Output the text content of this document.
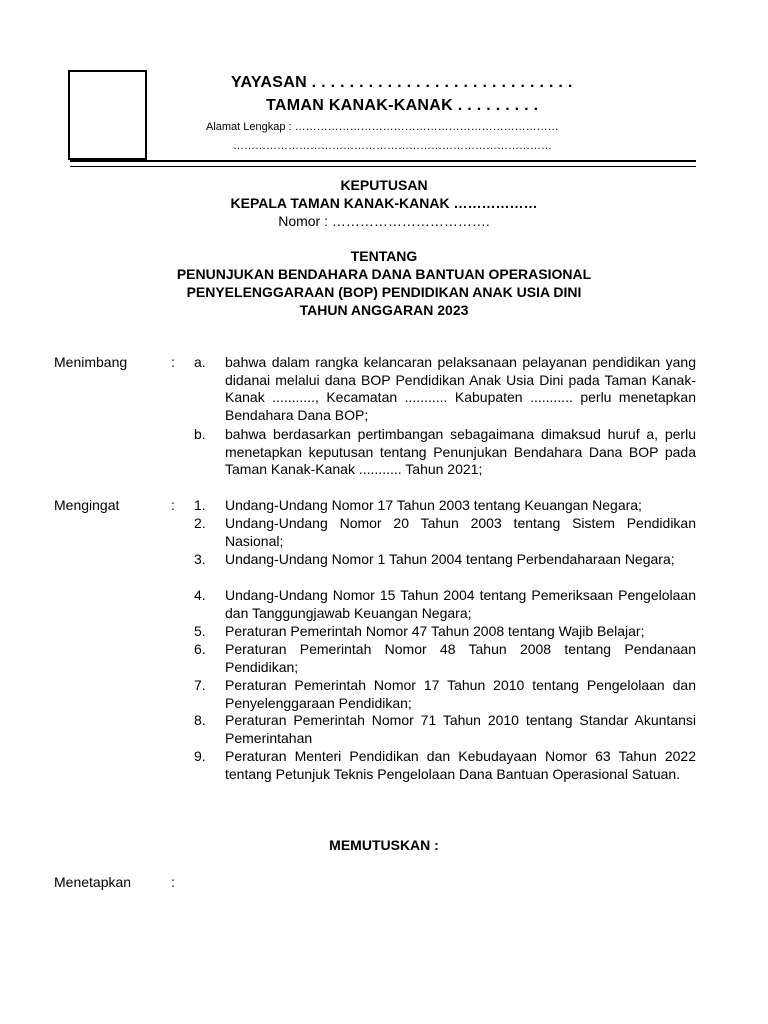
YAYASAN . . . . . . . . . . . . . . . . . . . . . . . . . . . .
TAMAN KANAK-KANAK . . . . . . . . .
Alamat Lengkap : ………………………………………………………………
……………………………………………………………………………
KEPUTUSAN
KEPALA TAMAN KANAK-KANAK ………………
Nomor : …………………………….
TENTANG
PENUNJUKAN BENDAHARA DANA BANTUAN OPERASIONAL
PENYELENGGARAAN (BOP) PENDIDIKAN ANAK USIA DINI
TAHUN ANGGARAN 2023
Menimbang	: a. bahwa dalam rangka kelancaran pelaksanaan pelayanan pendidikan yang didanai melalui dana BOP Pendidikan Anak Usia Dini pada Taman Kanak-Kanak ..........., Kecamatan ........... Kabupaten ........... perlu menetapkan Bendahara Dana BOP;
b. bahwa berdasarkan pertimbangan sebagaimana dimaksud huruf a, perlu menetapkan keputusan tentang Penunjukan Bendahara Dana BOP pada Taman Kanak-Kanak ........... Tahun 2021;
Mengingat	: 1. Undang-Undang Nomor 17 Tahun 2003 tentang Keuangan Negara;
2. Undang-Undang Nomor 20 Tahun 2003 tentang Sistem Pendidikan Nasional;
3. Undang-Undang Nomor 1 Tahun 2004 tentang Perbendaharaan Negara;
4. Undang-Undang Nomor 15 Tahun 2004 tentang Pemeriksaan Pengelolaan dan Tanggungjawab Keuangan Negara;
5. Peraturan Pemerintah Nomor 47 Tahun 2008 tentang Wajib Belajar;
6. Peraturan Pemerintah Nomor 48 Tahun 2008 tentang Pendanaan Pendidikan;
7. Peraturan Pemerintah Nomor 17 Tahun 2010 tentang Pengelolaan dan Penyelenggaraan Pendidikan;
8. Peraturan Pemerintah Nomor 71 Tahun 2010 tentang Standar Akuntansi Pemerintahan
9. Peraturan Menteri Pendidikan dan Kebudayaan Nomor 63 Tahun 2022 tentang Petunjuk Teknis Pengelolaan Dana Bantuan Operasional Satuan.
MEMUTUSKAN :
Menetapkan	:
